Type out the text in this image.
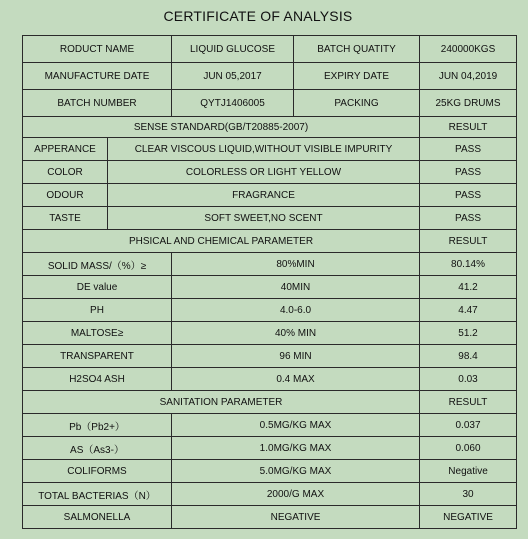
CERTIFICATE OF ANALYSIS
RODUCT NAME		LIQUID GLUCOSE	BATCH QUATITY	240000KGS
MANUFACTURE DATE		JUN 05,2017	EXPIRY DATE	JUN 04,2019
BATCH NUMBER		QYTJ1406005	PACKING	25KG DRUMS
SENSE STANDARD(GB/T20885-2007)				RESULT
APPERANCE	CLEAR VISCOUS LIQUID,WITHOUT VISIBLE IMPURITY			PASS
COLOR	COLORLESS OR LIGHT YELLOW			PASS
ODOUR	FRAGRANCE			PASS
TASTE	SOFT SWEET,NO SCENT			PASS
PHSICAL AND CHEMICAL PARAMETER				RESULT
SOLID MASS/（%）≥		80%MIN		80.14%
DE value		40MIN		41.2
PH		4.0-6.0		4.47
MALTOSE≥		40% MIN		51.2
TRANSPARENT		96 MIN		98.4
H2SO4 ASH		0.4 MAX		0.03
SANITATION PARAMETER				RESULT
Pb（Pb2+）		0.5MG/KG MAX		0.037
AS（As3-）		1.0MG/KG MAX		0.060
COLIFORMS		5.0MG/KG MAX		Negative
TOTAL BACTERIAS（N）		2000/G MAX		30
SALMONELLA		NEGATIVE		NEGATIVE
